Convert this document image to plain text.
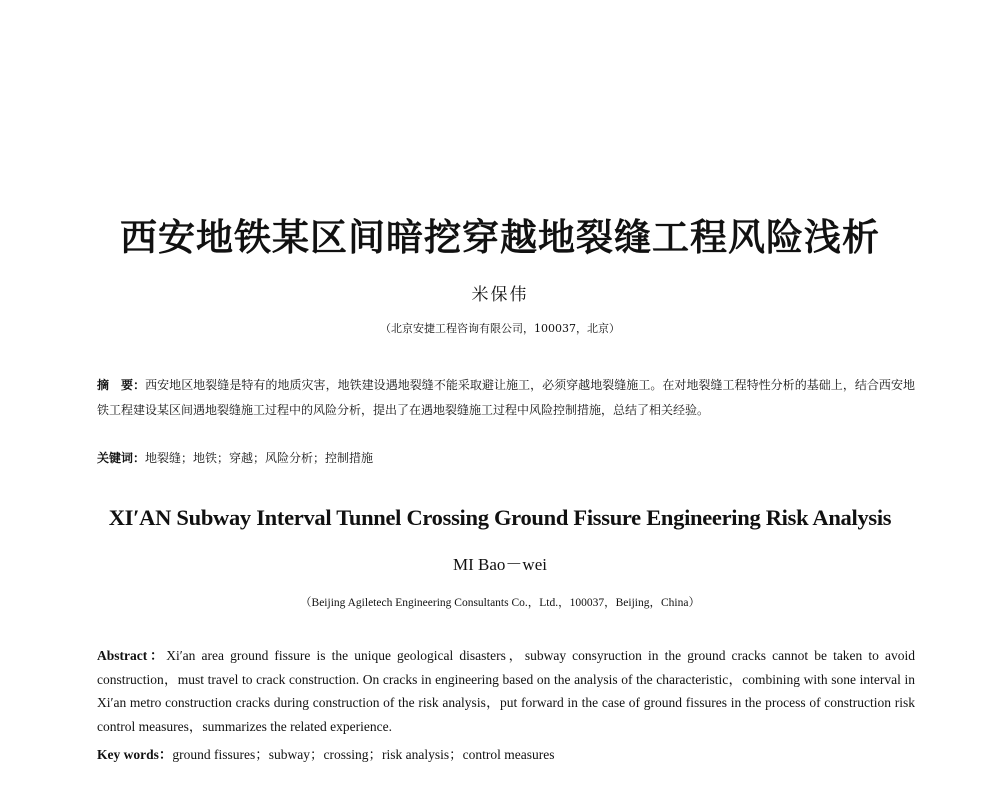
西安地铁某区间暗挖穿越地裂缝工程风险浅析
米保伟
（北京安捷工程咨询有限公司，100037，北京）

摘　要：西安地区地裂缝是特有的地质灾害，地铁建设遇地裂缝不能采取避让施工，必须穿越地裂缝施工。在对地裂缝工程特性分析的基础上，结合西安地铁工程建设某区间遇地裂缝施工过程中的风险分析，提出了在遇地裂缝施工过程中风险控制措施，总结了相关经验。

关键词：地裂缝；地铁；穿越；风险分析；控制措施
XI′AN Subway Interval Tunnel Crossing Ground Fissure Engineering Risk Analysis
MI Bao－wei
（Beijing Agiletech Engineering Consultants Co.，Ltd.，100037，Beijing，China）

Abstract：Xi′an area ground fissure is the unique geological disasters，subway consyruction in the ground cracks cannot be taken to avoid construction，must travel to crack construction. On cracks in engineering based on the analysis of the characteristic，combining with sone interval in Xi′an metro construction cracks during construction of the risk analysis，put forward in the case of ground fissures in the process of construction risk control measures，summarizes the related experience.

Key words：ground fissures；subway；crossing；risk analysis；control measures
